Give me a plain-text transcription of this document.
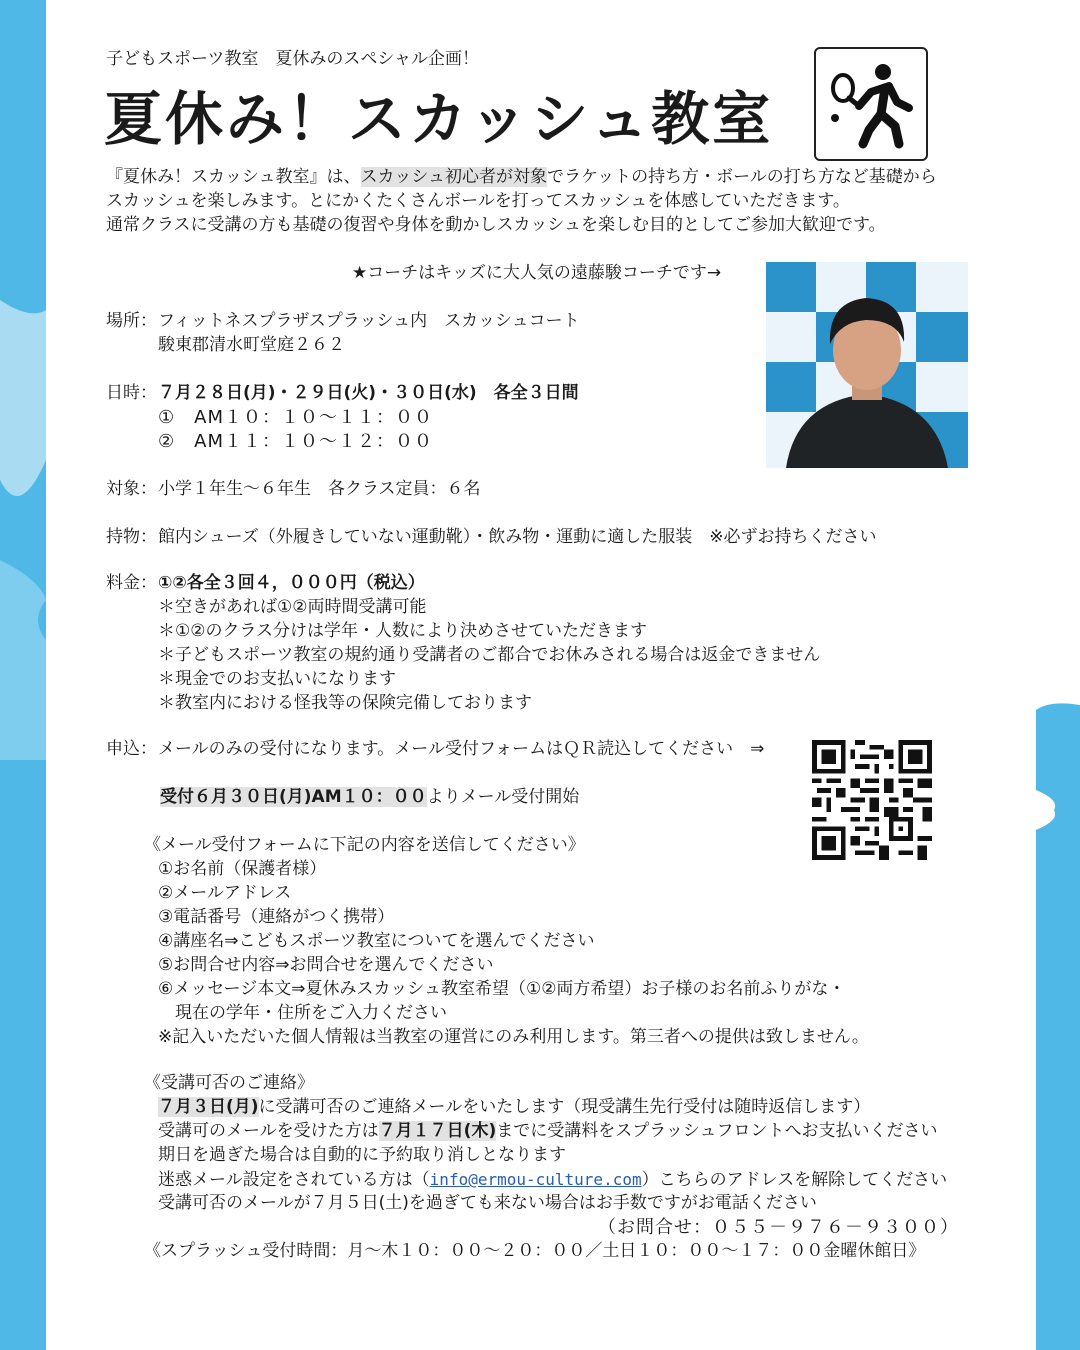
子どもスポーツ教室　夏休みのスペシャル企画！
夏休み！スカッシュ教室
『夏休み！スカッシュ教室』は、スカッシュ初心者が対象でラケットの持ち方・ボールの打ち方など基礎から
スカッシュを楽しみます。とにかくたくさんボールを打ってスカッシュを体感していただきます。
通常クラスに受講の方も基礎の復習や身体を動かしスカッシュを楽しむ目的としてご参加大歓迎です。
★コーチはキッズに大人気の遠藤駿コーチです→
場所： フィットネスプラザスプラッシュ内　スカッシュコート
駿東郡清水町堂庭２６２
日時： ７月２８日(月)・２９日(火)・３０日(水)　各全３日間
①　AM１０：１０～１１：００
②　AM１１：１０～１２：００
対象： 小学１年生～６年生　各クラス定員：６名
持物： 館内シューズ（外履きしていない運動靴）・飲み物・運動に適した服装　※必ずお持ちください
料金： ①②各全３回４，０００円（税込）
＊空きがあれば①②両時間受講可能
＊①②のクラス分けは学年・人数により決めさせていただきます
＊子どもスポーツ教室の規約通り受講者のご都合でお休みされる場合は返金できません
＊現金でのお支払いになります
＊教室内における怪我等の保険完備しております
申込： メールのみの受付になります。メール受付フォームはＱＲ読込してください　⇒
受付６月３０日(月)AM１０：００よりメール受付開始
《メール受付フォームに下記の内容を送信してください》
①お名前（保護者様）
②メールアドレス
③電話番号（連絡がつく携帯）
④講座名⇒こどもスポーツ教室についてを選んでください
⑤お問合せ内容⇒お問合せを選んでください
⑥メッセージ本文⇒夏休みスカッシュ教室希望（①②両方希望）お子様のお名前ふりがな・
　現在の学年・住所をご入力ください
※記入いただいた個人情報は当教室の運営にのみ利用します。第三者への提供は致しません。
《受講可否のご連絡》
７月３日(月)に受講可否のご連絡メールをいたします（現受講生先行受付は随時返信します）
受講可のメールを受けた方は７月１７日(木)までに受講料をスプラッシュフロントへお支払いください
期日を過ぎた場合は自動的に予約取り消しとなります
迷惑メール設定をされている方は（info@ermou-culture.com）こちらのアドレスを解除してください
受講可否のメールが７月５日(土)を過ぎても来ない場合はお手数ですがお電話ください
（お問合せ：０５５－９７６－９３００）
《スプラッシュ受付時間：月～木１０：００～２０：００／土日１０：００～１７：００金曜休館日》
